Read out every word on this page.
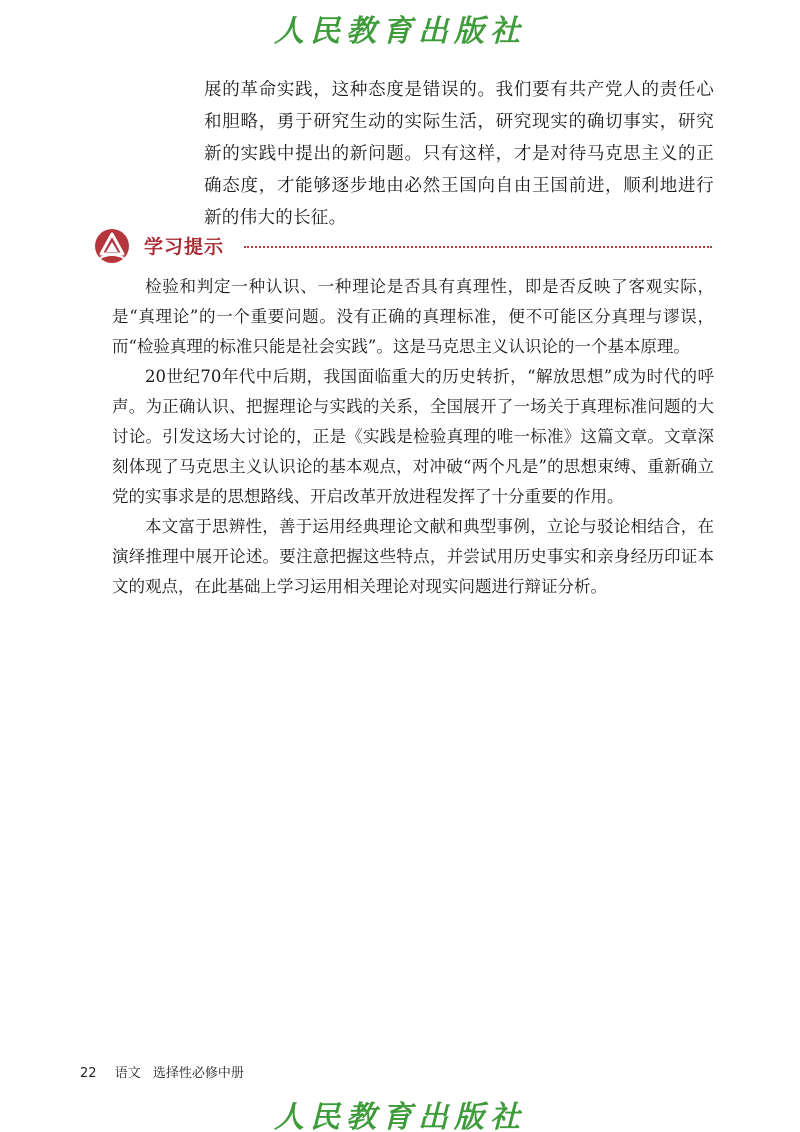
人民教育出版社
展的革命实践，这种态度是错误的。我们要有共产党人的责任心和胆略，勇于研究生动的实际生活，研究现实的确切事实，研究新的实践中提出的新问题。只有这样，才是对待马克思主义的正确态度，才能够逐步地由必然王国向自由王国前进，顺利地进行新的伟大的长征。
学习提示

检验和判定一种认识、一种理论是否具有真理性，即是否反映了客观实际，是“真理论”的一个重要问题。没有正确的真理标准，便不可能区分真理与谬误，而“检验真理的标准只能是社会实践”。这是马克思主义认识论的一个基本原理。

20世纪70年代中后期，我国面临重大的历史转折，“解放思想”成为时代的呼声。为正确认识、把握理论与实践的关系，全国展开了一场关于真理标准问题的大讨论。引发这场大讨论的，正是《实践是检验真理的唯一标准》这篇文章。文章深刻体现了马克思主义认识论的基本观点，对冲破“两个凡是”的思想束缚、重新确立党的实事求是的思想路线、开启改革开放进程发挥了十分重要的作用。

本文富于思辨性，善于运用经典理论文献和典型事例，立论与驳论相结合，在演绎推理中展开论述。要注意把握这些特点，并尝试用历史事实和亲身经历印证本文的观点，在此基础上学习运用相关理论对现实问题进行辩证分析。

22 语文 选择性必修中册
人民教育出版社
